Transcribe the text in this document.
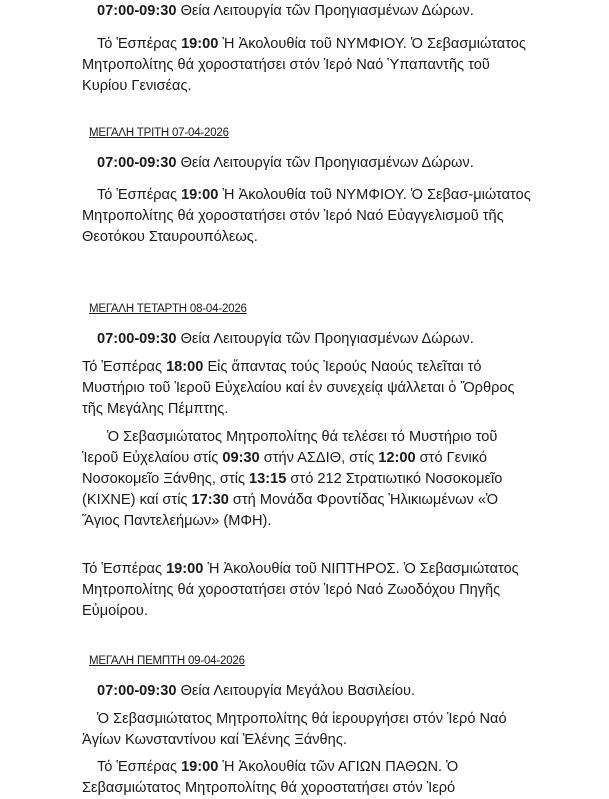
07:00-09:30 Θεία Λειτουργία τῶν Προηγιασμένων Δώρων.
Τό Ἑσπέρας 19:00 Ἡ Ἀκολουθία τοῦ ΝΥΜΦΙΟΥ. Ὁ Σεβασμιώτατος
Μητροπολίτης θά χοροστατήσει στόν Ἱερό Ναό Ὑπαπαντῆς τοῦ
Κυρίου Γενισέας.
ΜΕΓΑΛΗ ΤΡΙΤΗ 07-04-2026
07:00-09:30 Θεία Λειτουργία τῶν Προηγιασμένων Δώρων.
Τό Ἑσπέρας 19:00 Ἡ Ἀκολουθία τοῦ ΝΥΜΦΙΟΥ. Ὁ Σεβασ-μιώτατος
Μητροπολίτης θά χοροστατήσει στόν Ἱερό Ναό Εὐαγγελισμοῦ τῆς
Θεοτόκου Σταυρουπόλεως.
ΜΕΓΑΛΗ ΤΕΤΑΡΤΗ 08-04-2026
07:00-09:30 Θεία Λειτουργία τῶν Προηγιασμένων Δώρων.
Τό Ἑσπέρας 18:00 Εἰς ἅπαντας τούς Ἱερούς Ναούς τελεῖται τό
Μυστήριο τοῦ Ἱεροῦ Εὐχελαίου καί ἐν συνεχείᾳ ψάλλεται ὁ Ὄρθρος
τῆς Μεγάλης Πέμπτης.
Ὁ Σεβασμιώτατος Μητροπολίτης θά τελέσει τό Μυστήριο τοῦ
Ἱεροῦ Εὐχελαίου στίς 09:30 στήν ΑΣΔΙΘ, στίς 12:00 στό Γενικό
Νοσοκομεῖο Ξάνθης, στίς 13:15 στό 212 Στρατιωτικό Νοσοκομεῖο
(ΚΙΧΝΕ) καί στίς 17:30 στή Μονάδα Φροντίδας Ἡλικιωμένων «Ὁ
Ἅγιος Παντελεήμων» (ΜΦΗ).
Τό Ἑσπέρας 19:00 Ἡ Ἀκολουθία τοῦ ΝΙΠΤΗΡΟΣ. Ὁ Σεβασμιώτατος
Μητροπολίτης θά χοροστατήσει στόν Ἱερό Ναό Ζωοδόχου Πηγῆς
Εὐμοίρου.
ΜΕΓΑΛΗ ΠΕΜΠΤΗ 09-04-2026
07:00-09:30 Θεία Λειτουργία Μεγάλου Βασιλείου.
Ὁ Σεβασμιώτατος Μητροπολίτης θά ἱερουργήσει στόν Ἱερό Ναό
Ἁγίων Κωνσταντίνου καί Ἑλένης Ξάνθης.
Τό Ἑσπέρας 19:00 Ἡ Ἀκολουθία τῶν ΑΓΙΩΝ ΠΑΘΩΝ. Ὁ
Σεβασμιώτατος Μητροπολίτης θά χοροστατήσει στόν Ἱερό
